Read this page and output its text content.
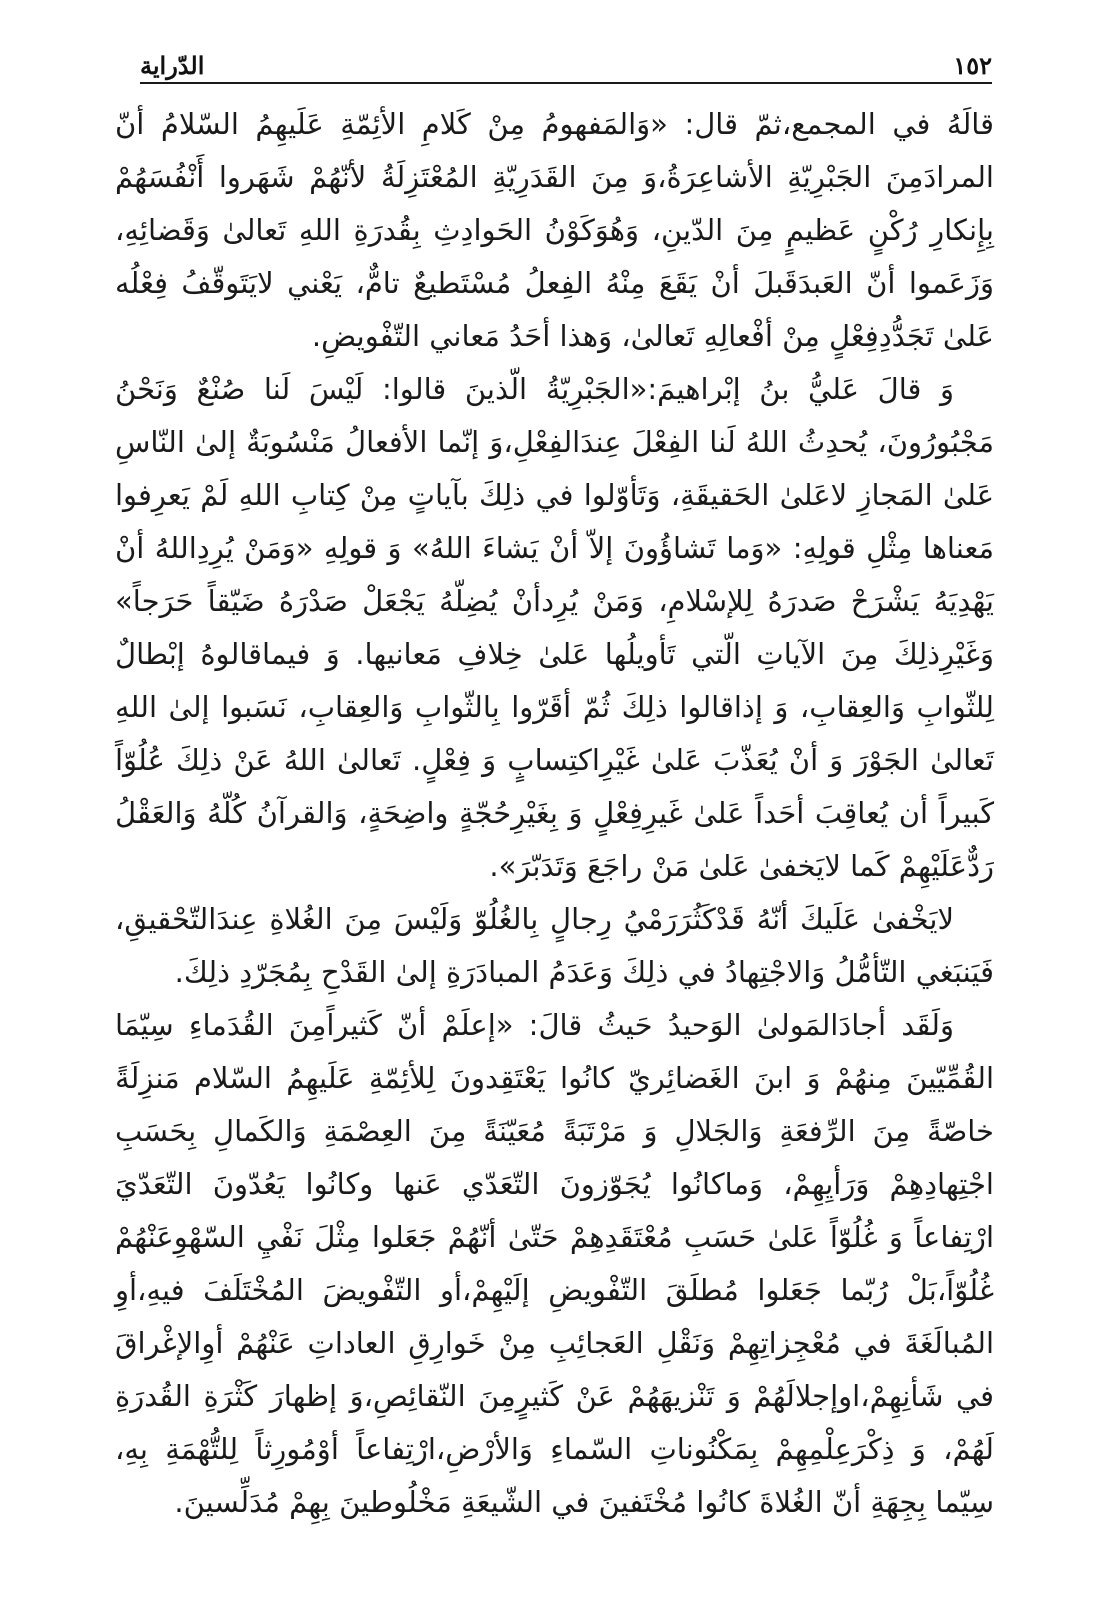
١٥٢
الدّراية

قالَهُ في المجمع،ثمّ قال: «وَالمَفهومُ مِنْ كَلامِ الأئِمّةِ عَلَيهِمُ السّلامُ أنّ المرادَمِنَ الجَبْرِيّةِ الأشاعِرَةُ،وَ مِنَ القَدَرِيّةِ المُعْتَزِلَةُ لأنّهُمْ شَهَروا أَنْفُسَهُمْ بِإِنكارِ رُكْنٍ عَظيمٍ مِنَ الدّينِ، وَهُوَكَوْنُ الحَوادِثِ بِقُدرَةِ اللهِ تَعالىٰ وَقَضائِهِ، وَزَعَموا أنّ العَبدَقَبلَ أنْ يَقَعَ مِنْهُ الفِعلُ مُسْتَطيعٌ تامٌّ، يَعْني لايَتَوقّفُ فِعْلُه عَلىٰ تَجَدُّدِفِعْلٍ مِنْ أفْعالِهِ تَعالىٰ، وَهذا أحَدُ مَعاني التّفْويضِ.

وَ قالَ عَليُّ بنُ إبْراهيمَ:«الجَبْرِيّةُ الّذينَ قالوا: لَيْسَ لَنا صُنْعٌ وَنَحْنُ مَجْبُورُونَ، يُحدِثُ اللهُ لَنا الفِعْلَ عِندَالفِعْلِ،وَ إنّما الأفعالُ مَنْسُوبَةٌ إلىٰ النّاسِ عَلىٰ المَجازِ لاعَلىٰ الحَقيقَةِ، وَتَأوّلوا في ذلِكَ بآياتٍ مِنْ كِتابِ اللهِ لَمْ يَعرِفوا مَعناها مِثْلِ قولِهِ: «وَما تَشاؤُونَ إلاّ أنْ يَشاءَ اللهُ» وَ قولِهِ «وَمَنْ يُرِدِاللهُ أنْ يَهْدِيَهُ يَشْرَحْ صَدرَهُ لِلإسْلامِ، وَمَنْ يُرِدأنْ يُضِلّهُ يَجْعَلْ صَدْرَهُ ضَيّقاً حَرَجاً» وَغَيْرِذلِكَ مِنَ الآياتِ الّتي تَأويلُها عَلىٰ خِلافِ مَعانيها. وَ فيماقالوهُ إبْطالٌ لِلثّوابِ وَالعِقابِ، وَ إذاقالوا ذلِكَ ثُمّ أقَرّوا بِالثّوابِ وَالعِقابِ، نَسَبوا إلىٰ اللهِ تَعالىٰ الجَوْرَ وَ أنْ يُعَذّبَ عَلىٰ غَيْرِاكتِسابٍ وَ فِعْلٍ. تَعالىٰ اللهُ عَنْ ذلِكَ عُلُوّاً كَبيراً أن يُعاقِبَ أحَداً عَلىٰ غَيرِفِعْلٍ وَ بِغَيْرِحُجّةٍ واضِحَةٍ، وَالقرآنُ كُلّهُ وَالعَقْلُ رَدٌّعَلَيْهِمْ كَما لايَخفىٰ عَلىٰ مَنْ راجَعَ وَتَدَبّرَ».

لايَخْفىٰ عَلَيكَ أنّهُ قَدْكَثُرَرَمْيُ رِجالٍ بِالغُلُوّ وَلَيْسَ مِنَ الغُلاةِ عِندَالتّحْقيقِ، فَيَنبَغي التّأمُّلُ وَالاجْتِهادُ في ذلِكَ وَعَدَمُ المبادَرَةِ إلىٰ القَدْحِ بِمُجَرّدِ ذلِكَ.

وَلَقَد أجادَالمَولىٰ الوَحيدُ حَيثُ قالَ: «إعلَمْ أنّ كَثيراًمِنَ القُدَماءِ سِيّمَا القُمِّيّينَ مِنهُمْ وَ ابنَ الغَضائِريّ كانُوا يَعْتَقِدونَ لِلأئِمّةِ عَلَيهِمُ السّلام مَنزِلَةً خاصّةً مِنَ الرِّفعَةِ وَالجَلالِ وَ مَرْتَبَةً مُعَيّنَةً مِنَ العِصْمَةِ وَالكَمالِ بِحَسَبِ اجْتِهادِهِمْ وَرَأيِهِمْ، وَماكانُوا يُجَوّزونَ التّعَدّي عَنها وكانُوا يَعُدّونَ التّعَدّيَ ارْتِفاعاً وَ غُلُوّاً عَلىٰ حَسَبِ مُعْتَقَدِهِمْ حَتّىٰ أنّهُمْ جَعَلوا مِثْلَ نَفْيِ السّهْوِعَنْهُمْ غُلُوّاً،بَلْ رُبّما جَعَلوا مُطلَقَ التّفْويضِ إلَيْهِمْ،أو التّفْويضَ المُخْتَلَفَ فيهِ،أوِ المُبالَغَةَ في مُعْجِزاتِهِمْ وَنَقْلِ العَجائِبِ مِنْ خَوارِقِ العاداتِ عَنْهُمْ أوِالإغْراقَ في شَأنِهِمْ،اوإجلالَهُمْ وَ تَنْزيهَهُمْ عَنْ كَثيرٍمِنَ النّقائِصِ،وَ إظهارَ كَثْرَةِ القُدرَةِ لَهُمْ، وَ ذِكْرَعِلْمِهِمْ بِمَكْنُوناتِ السّماءِ وَالأرْضِ،ارْتِفاعاً أوْمُورِثاً لِلتُّهْمَةِ بِهِ، سِيّما بِجِهَةِ أنّ الغُلاةَ كانُوا مُخْتَفينَ في الشّيعَةِ مَخْلُوطينَ بِهِمْ مُدَلِّسينَ.
